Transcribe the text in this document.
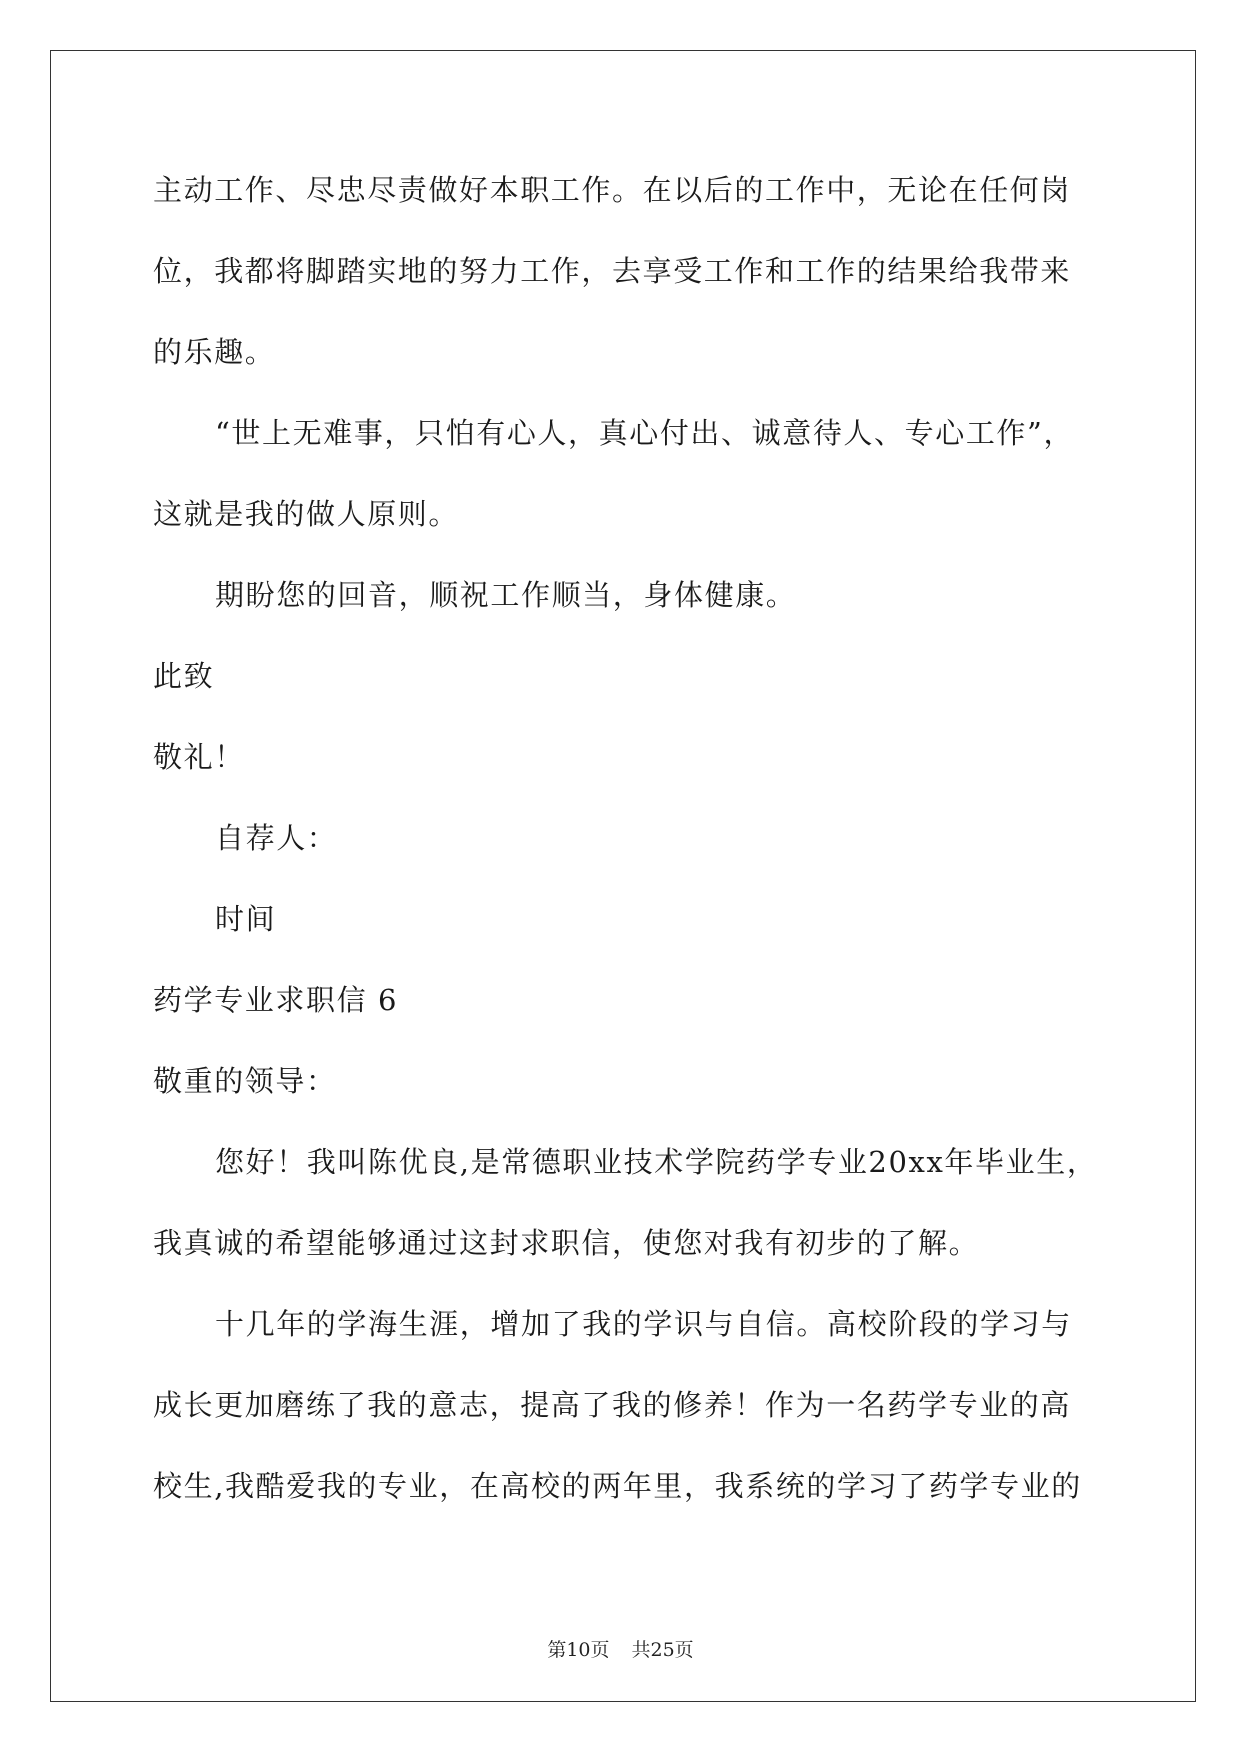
主动工作、尽忠尽责做好本职工作。在以后的工作中，无论在任何岗
位，我都将脚踏实地的努力工作，去享受工作和工作的结果给我带来
的乐趣。
“世上无难事，只怕有心人，真心付出、诚意待人、专心工作”，
这就是我的做人原则。
期盼您的回音，顺祝工作顺当，身体健康。
此致
敬礼！
自荐人：
时间
药学专业求职信 6
敬重的领导：
您好！我叫陈优良,是常德职业技术学院药学专业20xx年毕业生，
我真诚的希望能够通过这封求职信，使您对我有初步的了解。
十几年的学海生涯，增加了我的学识与自信。高校阶段的学习与
成长更加磨练了我的意志，提高了我的修养！作为一名药学专业的高
校生,我酷爱我的专业，在高校的两年里，我系统的学习了药学专业的
第10页 共25页
